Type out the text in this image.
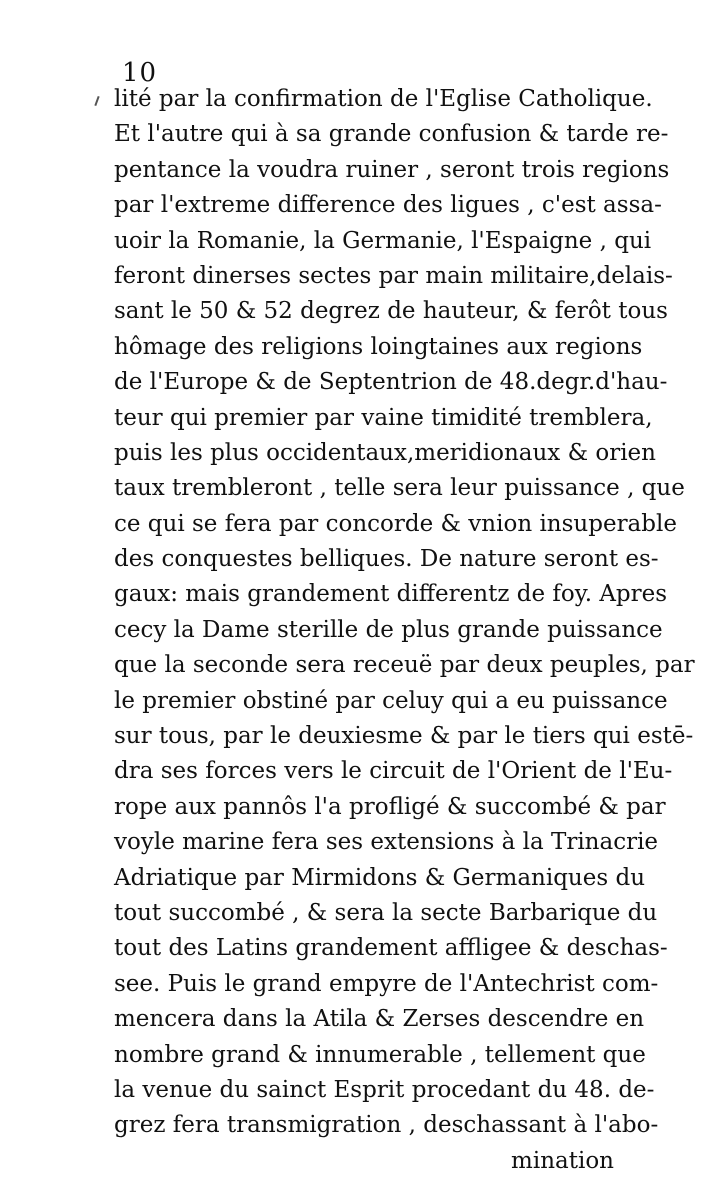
10
lité par la confirmation de l'Eglise Catholique.
Et l'autre qui à sa grande confusion & tarde re-
pentance la voudra ruiner , seront trois regions
par l'extreme difference des ligues , c'est assa-
uoir la Romanie, la Germanie, l'Espaigne , qui
feront dinerses sectes par main militaire,delais-
sant le 50 & 52 degrez de hauteur, & ferôt tous
hômage des religions loingtaines aux regions
de l'Europe & de Septentrion de 48.degr.d'hau-
teur qui premier par vaine timidité tremblera,
puis les plus occidentaux,meridionaux & orien
taux trembleront , telle sera leur puissance , que
ce qui se fera par concorde & vnion insuperable
des conquestes belliques. De nature seront es-
gaux: mais grandement differentz de foy. Apres
cecy la Dame sterille de plus grande puissance
que la seconde sera receuë par deux peuples, par
le premier obstiné par celuy qui a eu puissance
sur tous, par le deuxiesme & par le tiers qui estē-
dra ses forces vers le circuit de l'Orient de l'Eu-
rope aux pannôs l'a profligé & succombé & par
voyle marine fera ses extensions à la Trinacrie
Adriatique par Mirmidons & Germaniques du
tout succombé , & sera la secte Barbarique du
tout des Latins grandement affligee & deschas-
see. Puis le grand empyre de l'Antechrist com-
mencera dans la Atila & Zerses descendre en
nombre grand & innumerable , tellement que
la venue du sainct Esprit procedant du 48. de-
grez fera transmigration , deschassant à l'abo-
mination
